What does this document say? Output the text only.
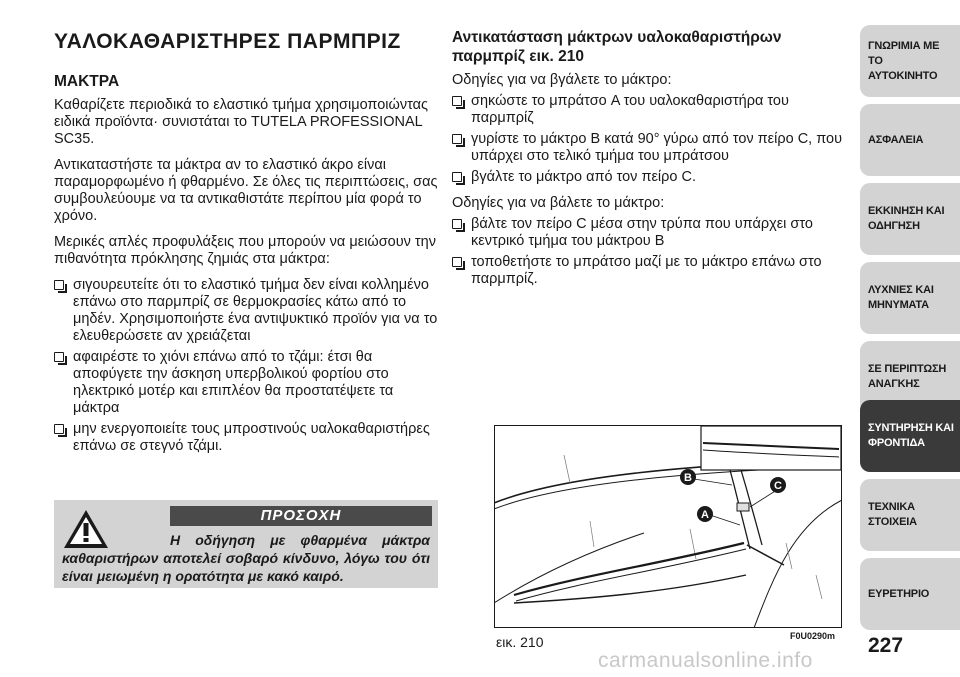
ΥΑΛΟΚΑΘΑΡΙΣΤΗΡΕΣ ΠΑΡΜΠΡΙΖ
ΜΑΚΤΡΑ

Καθαρίζετε περιοδικά το ελαστικό τμήμα χρησιμοποιώντας ειδικά προϊόντα· συνιστάται το TUTELA PROFESSIONAL SC35.

Αντικαταστήστε τα μάκτρα αν το ελαστικό άκρο είναι παραμορφωμένο ή φθαρμένο. Σε όλες τις περιπτώσεις, σας συμβουλεύουμε να τα αντικαθιστάτε περίπου μία φορά το χρόνο.

Μερικές απλές προφυλάξεις που μπορούν να μειώσουν την πιθανότητα πρόκλησης ζημιάς στα μάκτρα:

σιγουρευτείτε ότι το ελαστικό τμήμα δεν είναι κολλημένο επάνω στο παρμπρίζ σε θερμοκρασίες κάτω από το μηδέν. Χρησιμοποιήστε ένα αντιψυκτικό προϊόν για να το ελευθερώσετε αν χρειάζεται
αφαιρέστε το χιόνι επάνω από το τζάμι: έτσι θα αποφύγετε την άσκηση υπερβολικού φορτίου στο ηλεκτρικό μοτέρ και επιπλέον θα προστατέψετε τα μάκτρα
μην ενεργοποιείτε τους μπροστινούς υαλοκαθαριστήρες επάνω σε στεγνό τζάμι.
ΠΡΟΣΟΧΗ

Η οδήγηση με φθαρμένα μάκτρα καθαριστήρων αποτελεί σοβαρό κίνδυνο, λόγω του ότι είναι μειωμένη η ορατότητα με κακό καιρό.

Αντικατάσταση μάκτρων υαλοκαθαριστήρων παρμπρίζ εικ. 210

Οδηγίες για να βγάλετε το μάκτρο:

σηκώστε το μπράτσο A του υαλοκαθαριστήρα του παρμπρίζ
γυρίστε το μάκτρο B κατά 90° γύρω από τον πείρο C, που υπάρχει στο τελικό τμήμα του μπράτσου
βγάλτε το μάκτρο από τον πείρο C.

Οδηγίες για να βάλετε το μάκτρο:

βάλτε τον πείρο C μέσα στην τρύπα που υπάρχει στο κεντρικό τμήμα του μάκτρου B
τοποθετήστε το μπράτσο μαζί με το μάκτρο επάνω στο παρμπρίζ.
B
C
A

εικ. 210	F0U0290m 227

ΓΝΩΡΙΜΙΑ ΜΕ ΤΟ ΑΥΤΟΚΙΝΗΤΟ
ΑΣΦΑΛΕΙΑ
ΕΚΚΙΝΗΣΗ ΚΑΙ ΟΔΗΓΗΣΗ
ΛΥΧΝΙΕΣ ΚΑΙ ΜΗΝΥΜΑΤΑ
ΣΕ ΠΕΡΙΠΤΩΣΗ ΑΝΑΓΚΗΣ
ΣΥΝΤΗΡΗΣΗ ΚΑΙ ΦΡΟΝΤΙΔΑ
ΤΕΧΝΙΚΑ ΣΤΟΙΧΕΙΑ
ΕΥΡΕΤΗΡΙΟ

carmanualsonline.info
